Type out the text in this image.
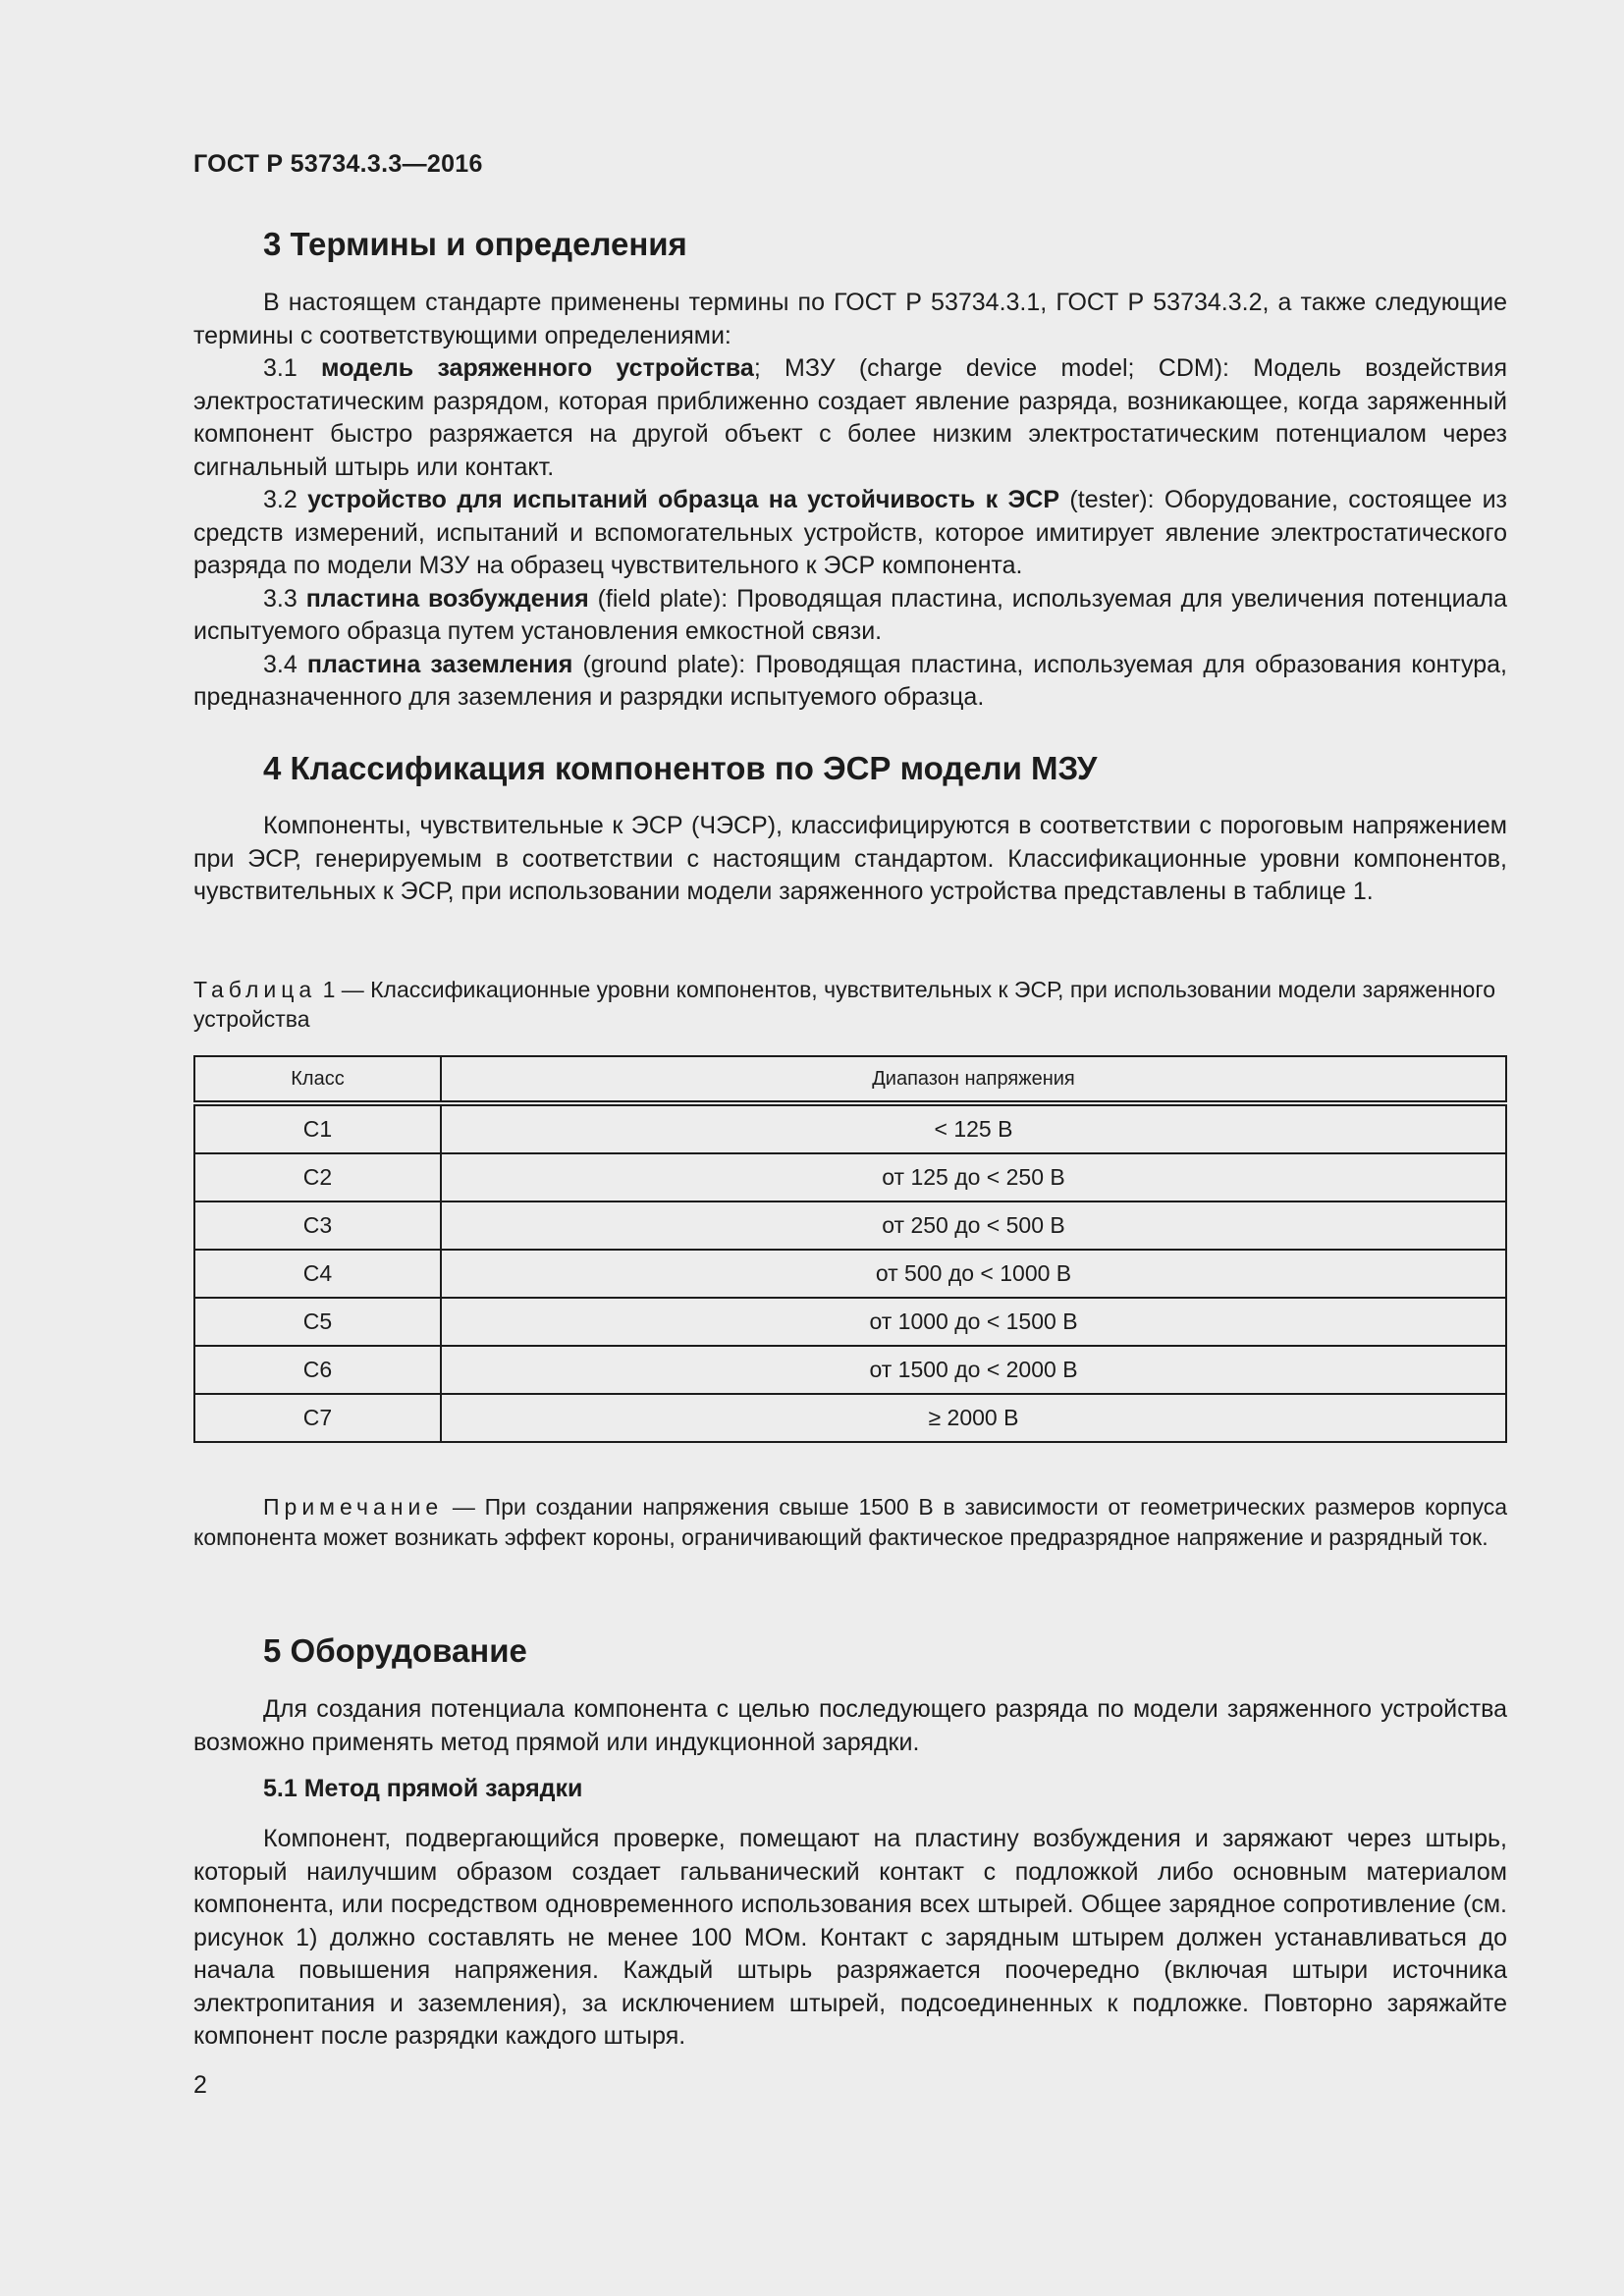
ГОСТ Р 53734.3.3—2016
3 Термины и определения

В настоящем стандарте применены термины по ГОСТ Р 53734.3.1, ГОСТ Р 53734.3.2, а также следующие термины с соответствующими определениями:

3.1 модель заряженного устройства; МЗУ (charge device model; CDM): Модель воздействия электростатическим разрядом, которая приближенно создает явление разряда, возникающее, когда заряженный компонент быстро разряжается на другой объект с более низким электростатическим потенциалом через сигнальный штырь или контакт.

3.2 устройство для испытаний образца на устойчивость к ЭСР (tester): Оборудование, состоящее из средств измерений, испытаний и вспомогательных устройств, которое имитирует явление электростатического разряда по модели МЗУ на образец чувствительного к ЭСР компонента.

3.3 пластина возбуждения (field plate): Проводящая пластина, используемая для увеличения потенциала испытуемого образца путем установления емкостной связи.

3.4 пластина заземления (ground plate): Проводящая пластина, используемая для образования контура, предназначенного для заземления и разрядки испытуемого образца.

4 Классификация компонентов по ЭСР модели МЗУ

Компоненты, чувствительные к ЭСР (ЧЭСР), классифицируются в соответствии с пороговым напряжением при ЭСР, генерируемым в соответствии с настоящим стандартом. Классификационные уровни компонентов, чувствительных к ЭСР, при использовании модели заряженного устройства представлены в таблице 1.

Таблица 1 — Классификационные уровни компонентов, чувствительных к ЭСР, при использовании модели заряженного устройства
Класс	Диапазон напряжения
C1	< 125 В
C2	от 125 до < 250 В
C3	от 250 до < 500 В
C4	от 500 до < 1000 В
C5	от 1000 до < 1500 В
C6	от 1500 до < 2000 В
C7	≥ 2000 В

Примечание — При создании напряжения свыше 1500 В в зависимости от геометрических размеров корпуса компонента может возникать эффект короны, ограничивающий фактическое предразрядное напряжение и разрядный ток.

5 Оборудование

Для создания потенциала компонента с целью последующего разряда по модели заряженного устройства возможно применять метод прямой или индукционной зарядки.

5.1 Метод прямой зарядки

Компонент, подвергающийся проверке, помещают на пластину возбуждения и заряжают через штырь, который наилучшим образом создает гальванический контакт с подложкой либо основным материалом компонента, или посредством одновременного использования всех штырей. Общее зарядное сопротивление (см. рисунок 1) должно составлять не менее 100 МОм. Контакт с зарядным штырем должен устанавливаться до начала повышения напряжения. Каждый штырь разряжается поочередно (включая штыри источника электропитания и заземления), за исключением штырей, подсоединенных к подложке. Повторно заряжайте компонент после разрядки каждого штыря.

2
